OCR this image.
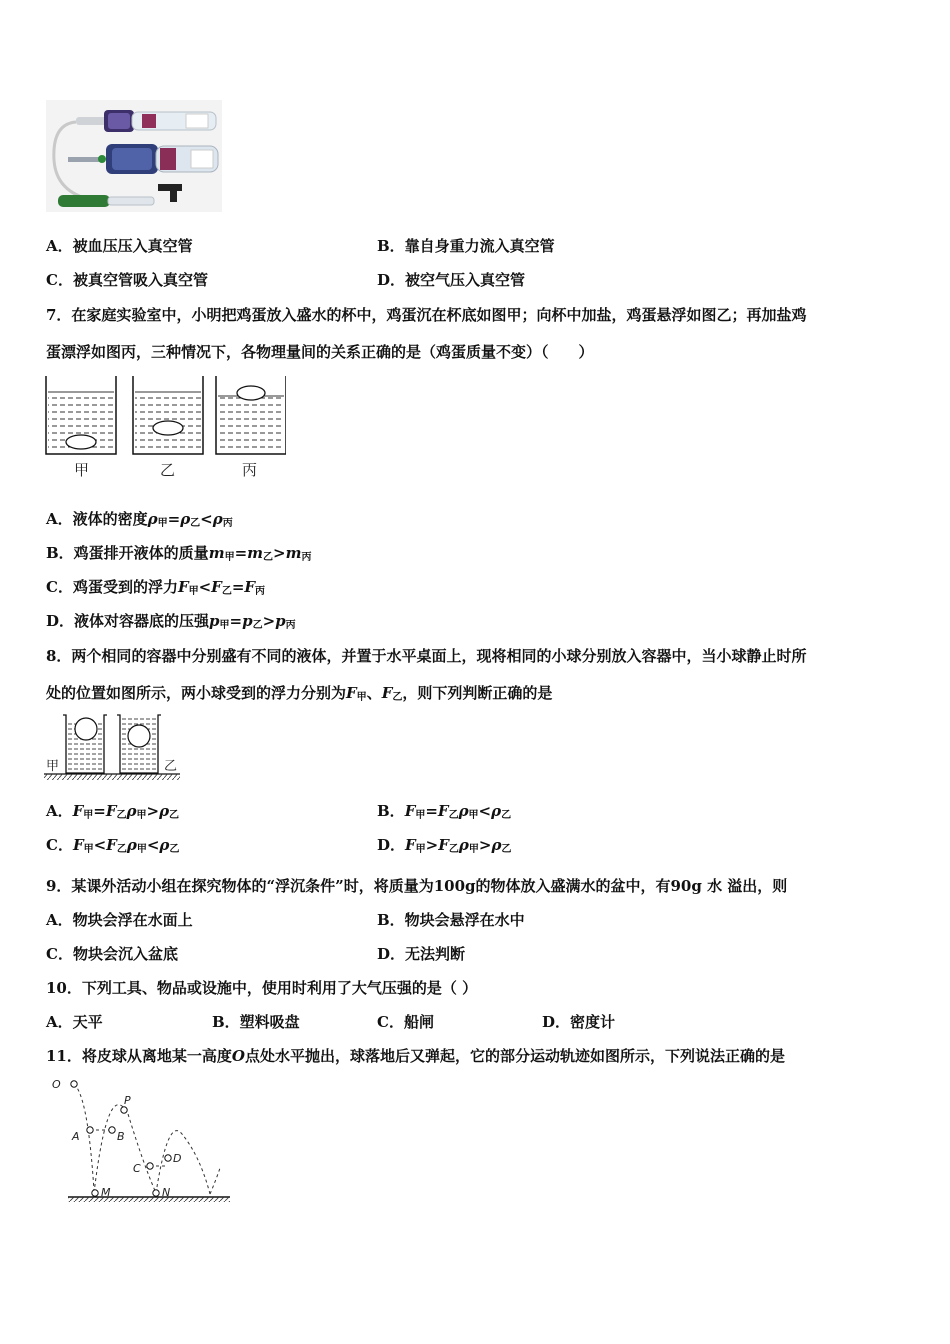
A．被血压压入真空管	B．靠自身重力流入真空管
C．被真空管吸入真空管	D．被空气压入真空管
7．在家庭实验室中，小明把鸡蛋放入盛水的杯中，鸡蛋沉在杯底如图甲；向杯中加盐，鸡蛋悬浮如图乙；再加盐鸡
蛋漂浮如图丙，三种情况下，各物理量间的关系正确的是（鸡蛋质量不变）（　　）
甲	乙	丙
A．液体的密度$\rho_甲=\rho_乙<\rho_丙$
B．鸡蛋排开液体的质量$m_甲=m_乙>m_丙$
C．鸡蛋受到的浮力$F_甲<F_乙=F_丙$
D．液体对容器底的压强$p_甲=p_乙>p_丙$
8．两个相同的容器中分别盛有不同的液体，并置于水平桌面上，现将相同的小球分别放入容器中，当小球静止时所
处的位置如图所示，两小球受到的浮力分别为$F_甲$、$F_乙$，则下列判断正确的是
甲	乙
A．$F_甲=F_乙\rho_甲>\rho_乙$	B．$F_甲=F_乙\rho_甲<\rho_乙$
C．$F_甲<F_乙\rho_甲<\rho_乙$	D．$F_甲>F_乙\rho_甲>\rho_乙$
9．某课外活动小组在探究物体的“浮沉条件”时，将质量为100g的物体放入盛满水的盆中，有90g 水 溢出，则
A．物块会浮在水面上	B．物块会悬浮在水中
C．物块会沉入盆底	D．无法判断
10．下列工具、物品或设施中，使用时利用了大气压强的是（ ）
A．天平	B．塑料吸盘	C．船闸	D．密度计
11．将皮球从离地某一高度O点处水平抛出，球落地后又弹起，它的部分运动轨迹如图所示，下列说法正确的是
O
P
A	B
C
D
M	N
